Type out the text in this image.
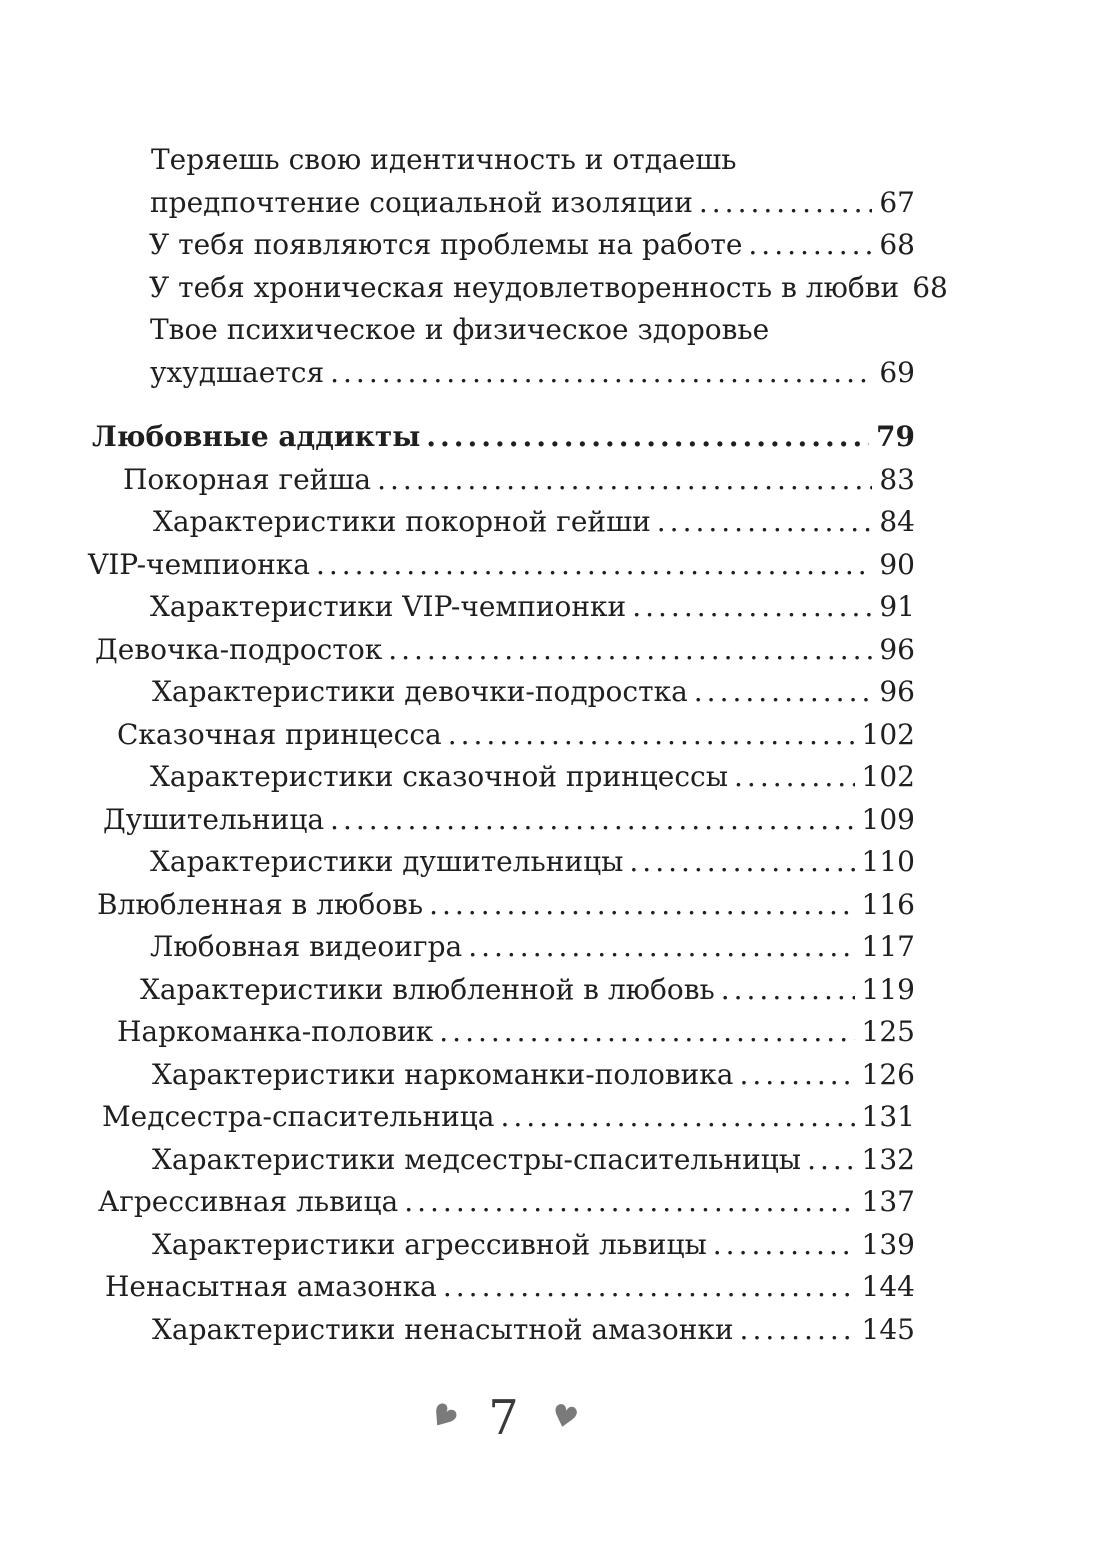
Теряешь свою идентичность и отдаешь
предпочтение социальной изоляции .....	67
У тебя появляются проблемы на работе .....	68
У тебя хроническая неудовлетворенность в любви 68
Твое психическое и физическое здоровье
ухудшается .....	69
Любовные аддикты .....	79
Покорная гейша .....	83
Характеристики покорной гейши .....	84
VIP-чемпионка .....	90
Характеристики VIP-чемпионки .....	91
Девочка-подросток .....	96
Характеристики девочки-подростка .....	96
Сказочная принцесса .....	102
Характеристики сказочной принцессы .....	102
Душительница .....	109
Характеристики душительницы .....	110
Влюбленная в любовь .....	116
Любовная видеоигра .....	117
Характеристики влюбленной в любовь .....	119
Наркоманка-половик .....	125
Характеристики наркоманки-половика .....	126
Медсестра-спасительница .....	131
Характеристики медсестры-спасительницы ..... 132
Агрессивная львица .....	137
Характеристики агрессивной львицы .....	139
Ненасытная амазонка .....	144
Характеристики ненасытной амазонки .....	145
♥ 7 ♥
